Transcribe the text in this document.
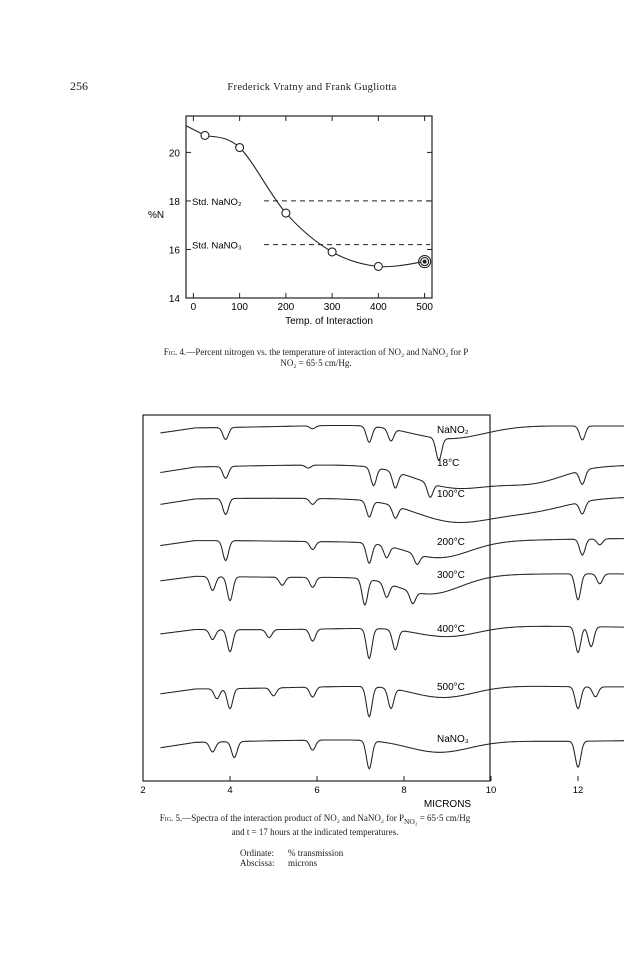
256	Frederick Vratny and Frank Gugliotta
0	100	200	300	400	500
14
16
18
20
Std. NaNO₂
Std. NaNO₃
Temp. of Interaction
%N
NaNO₂
18°C
100°C
200°C
300°C
400°C
500°C
NaNO₃
2	4	6	8	10	12
MICRONS
Fig. 4.—Percent nitrogen vs. the temperature of interaction of NO₂ and NaNO₂ for P
NO₂ = 65·5 cm/Hg.
Fig. 5.—Spectra of the interaction product of NO₂ and NaNO₂ for $P_{NO_2} = 65\cdot 5$ cm/Hg
and t = 17 hours at the indicated temperatures.
Ordinate: % transmission
Abscissa: microns
